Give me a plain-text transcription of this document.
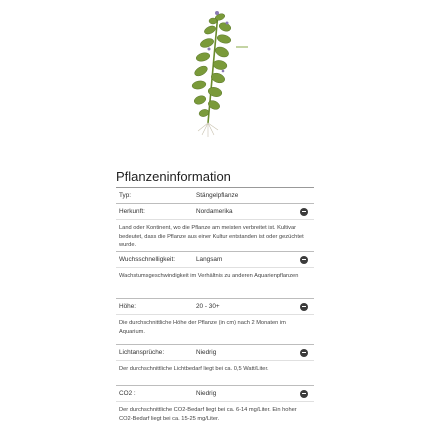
Pflanzeninformation
Typ:	Stängelpflanze
Herkunft:	Nordamerika
Land oder Kontinent, wo die Pflanze am meisten verbreitet ist. Kultivar bedeutet, dass die Pflanze aus einer Kultur entstanden ist oder gezüchtet wurde.
Wuchsschnelligkeit:	Langsam
Wachstumsgeschwindigkeit im Verhältnis zu anderen Aquarienpflanzen
Höhe:	20 - 30+
Die durchschnittliche Höhe der Pflanze (in cm) nach 2 Monaten im Aquarium.
Lichtansprüche:	Niedrig
Der durchschnittliche Lichtbedarf liegt bei ca. 0,5 Watt/Liter.
CO2 :	Niedrig
Der durchschnittliche CO2-Bedarf liegt bei ca. 6-14 mg/Liter. Ein hoher CO2-Bedarf liegt bei ca. 15-25 mg/Liter.
